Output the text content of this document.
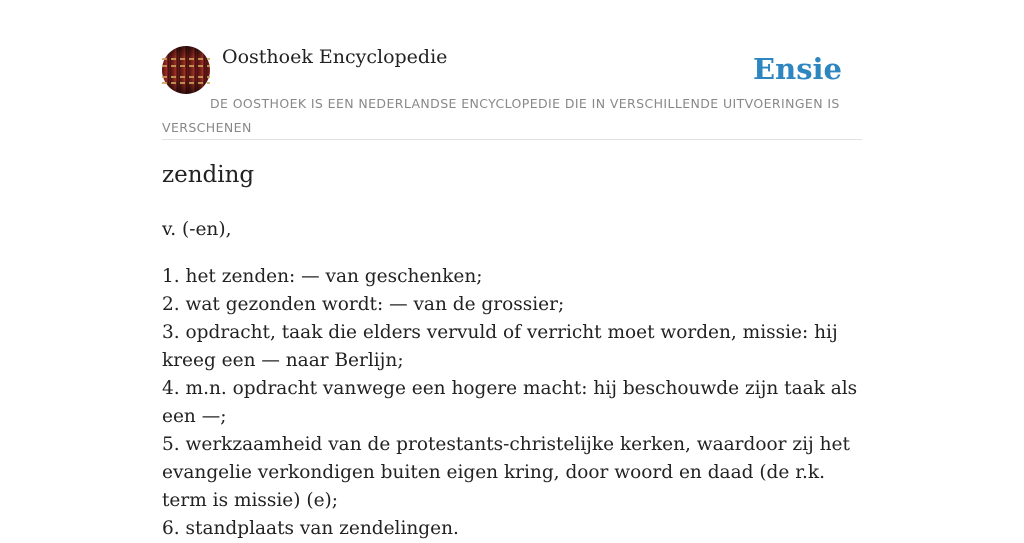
Oosthoek Encyclopedie	Ensie
DE OOSTHOEK IS EEN NEDERLANDSE ENCYCLOPEDIE DIE IN VERSCHILLENDE UITVOERINGEN IS VERSCHENEN
zending
v. (-en),
1. het zenden: — van geschenken;
2. wat gezonden wordt: — van de grossier;
3. opdracht, taak die elders vervuld of verricht moet worden, missie: hij kreeg een — naar Berlijn;
4. m.n. opdracht vanwege een hogere macht: hij beschouwde zijn taak als een —;
5. werkzaamheid van de protestants-christelijke kerken, waardoor zij het evangelie verkondigen buiten eigen kring, door woord en daad (de r.k. term is missie) (e);
6. standplaats van zendelingen.
